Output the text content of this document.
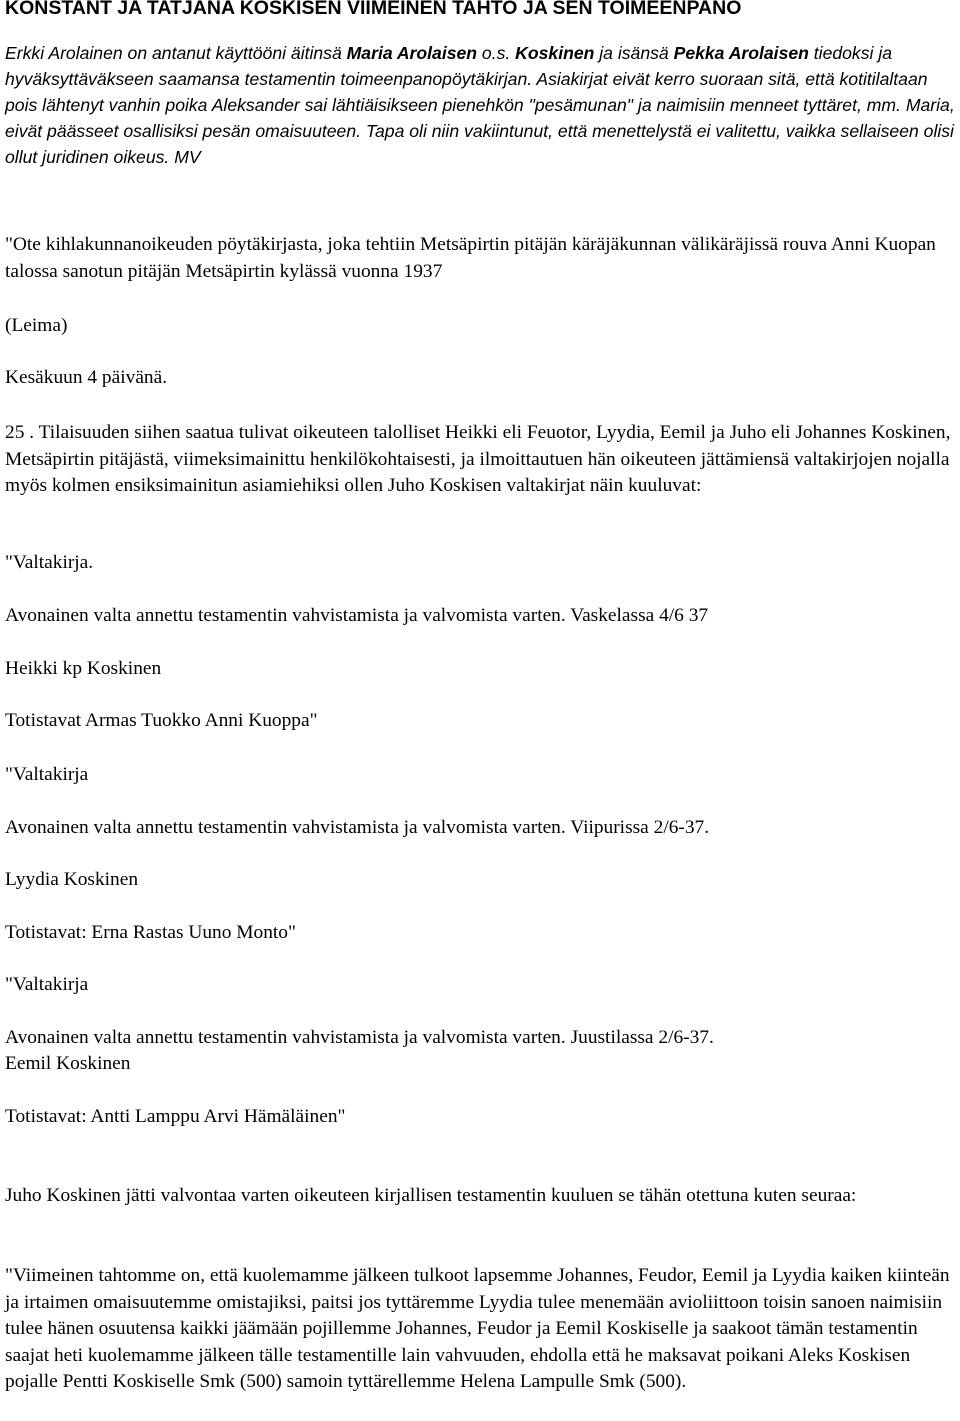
KONSTANT JA TATJANA KOSKISEN VIIMEINEN TAHTO JA SEN TOIMEENPANO
Erkki Arolainen on antanut käyttööni äitinsä Maria Arolaisen o.s. Koskinen ja isänsä Pekka Arolaisen tiedoksi ja hyväksyttäväkseen saamansa testamentin toimeenpanopöytäkirjan. Asiakirjat eivät kerro suoraan sitä, että kotitilaltaan pois lähtenyt vanhin poika Aleksander sai lähtiäisikseen pienehkön "pesämunan" ja naimisiin menneet tyttäret, mm. Maria, eivät päässeet osallisiksi pesän omaisuuteen. Tapa oli niin vakiintunut, että menettelystä ei valitettu, vaikka sellaiseen olisi ollut juridinen oikeus. MV

"Ote kihlakunnanoikeuden pöytäkirjasta, joka tehtiin Metsäpirtin pitäjän käräjäkunnan välikäräjissä rouva Anni Kuopan talossa sanotun pitäjän Metsäpirtin kylässä vuonna 1937

(Leima)

Kesäkuun 4 päivänä.

25 . Tilaisuuden siihen saatua tulivat oikeuteen talolliset Heikki eli Feuotor, Lyydia, Eemil ja Juho eli Johannes Koskinen, Metsäpirtin pitäjästä, viimeksimainittu henkilökohtaisesti, ja ilmoittautuen hän oikeuteen jättämiensä valtakirjojen nojalla myös kolmen ensiksimainitun asiamiehiksi ollen Juho Koskisen valtakirjat näin kuuluvat:

"Valtakirja.

Avonainen valta annettu testamentin vahvistamista ja valvomista varten. Vaskelassa 4/6 37

Heikki kp Koskinen

Totistavat Armas Tuokko Anni Kuoppa"

"Valtakirja

Avonainen valta annettu testamentin vahvistamista ja valvomista varten. Viipurissa 2/6-37.

Lyydia Koskinen

Totistavat: Erna Rastas Uuno Monto"

"Valtakirja

Avonainen valta annettu testamentin vahvistamista ja valvomista varten. Juustilassa 2/6-37.

Eemil Koskinen

Totistavat: Antti Lamppu Arvi Hämäläinen"

Juho Koskinen jätti valvontaa varten oikeuteen kirjallisen testamentin kuuluen se tähän otettuna kuten seuraa:

"Viimeinen tahtomme on, että kuolemamme jälkeen tulkoot lapsemme Johannes, Feudor, Eemil ja Lyydia kaiken kiinteän ja irtaimen omaisuutemme omistajiksi, paitsi jos tyttäremme Lyydia tulee menemään avioliittoon toisin sanoen naimisiin tulee hänen osuutensa kaikki jäämään pojillemme Johannes, Feudor ja Eemil Koskiselle ja saakoot tämän testamentin saajat heti kuolemamme jälkeen tälle testamentille lain vahvuuden, ehdolla että he maksavat poikani Aleks Koskisen pojalle Pentti Koskiselle Smk (500) samoin tyttärellemme Helena Lampulle Smk (500).
